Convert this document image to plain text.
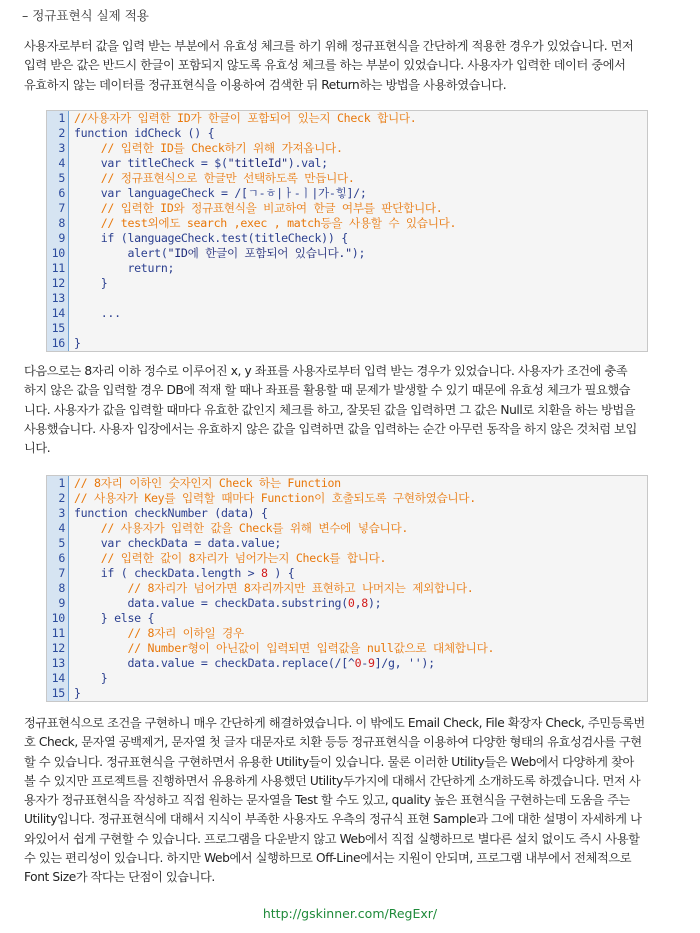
– 정규표현식 실제 적용
사용자로부터 값을 입력 받는 부분에서 유효성 체크를 하기 위해 정규표현식을 간단하게 적용한 경우가 있었습니다. 먼저
입력 받은 값은 반드시 한글이 포함되지 않도록 유효성 체크를 하는 부분이 있었습니다. 사용자가 입력한 데이터 중에서
유효하지 않는 데이터를 정규표현식을 이용하여 검색한 뒤 Return하는 방법을 사용하였습니다.
1 //사용자가 입력한 ID가 한글이 포함되어 있는지 Check 합니다.
2 function idCheck () {
3	// 입력한 ID를 Check하기 위해 가져옵니다.
4 var titleCheck = $("titleId").val;
5	// 정규표현식으로 한글만 선택하도록 만듭니다.
6 var languageCheck = /[ㄱ-ㅎ|ㅏ-ㅣ|가-힣]/;
7	// 입력한 ID와 정규표현식을 비교하여 한글 여부를 판단합니다.
8	// test외에도 search ,exec , match등을 사용할 수 있습니다.
9 if (languageCheck.test(titleCheck)) {
10 alert("ID에 한글이 포함되어 있습니다.");
11 return;
12 }
13
14 ...
15
16 }
다음으로는 8자리 이하 정수로 이루어진 x, y 좌표를 사용자로부터 입력 받는 경우가 있었습니다. 사용자가 조건에 충족
하지 않은 값을 입력할 경우 DB에 적재 할 때나 좌표를 활용할 때 문제가 발생할 수 있기 때문에 유효성 체크가 필요했습
니다. 사용자가 값을 입력할 때마다 유효한 값인지 체크를 하고, 잘못된 값을 입력하면 그 값은 Null로 치환을 하는 방법을
사용했습니다. 사용자 입장에서는 유효하지 않은 값을 입력하면 값을 입력하는 순간 아무런 동작을 하지 않은 것처럼 보입
니다.
1 // 8자리 이하인 숫자인지 Check 하는 Function
2 // 사용자가 Key를 입력할 때마다 Function이 호출되도록 구현하였습니다.
3 function checkNumber (data) {
4	// 사용자가 입력한 값을 Check를 위해 변수에 넣습니다.
5 var checkData = data.value;
6	// 입력한 값이 8자리가 넘어가는지 Check를 합니다.
7 if ( checkData.length > 8 ) {
8	// 8자리가 넘어가면 8자리까지만 표현하고 나머지는 제외합니다.
9 data.value = checkData.substring(0,8);
10 } else {
11	// 8자리 이하일 경우
12	// Number형이 아닌값이 입력되면 입력값을 null값으로 대체합니다.
13 data.value = checkData.replace(/[^0-9]/g, '');
14 }
15 }
정규표현식으로 조건을 구현하니 매우 간단하게 해결하였습니다. 이 밖에도 Email Check, File 확장자 Check, 주민등록번
호 Check, 문자열 공백제거, 문자열 첫 글자 대문자로 치환 등등 정규표현식을 이용하여 다양한 형태의 유효성검사를 구현
할 수 있습니다. 정규표현식을 구현하면서 유용한 Utility들이 있습니다. 물론 이러한 Utility들은 Web에서 다양하게 찾아
볼 수 있지만 프로젝트를 진행하면서 유용하게 사용했던 Utility두가지에 대해서 간단하게 소개하도록 하겠습니다. 먼저 사
용자가 정규표현식을 작성하고 직접 원하는 문자열을 Test 할 수도 있고, quality 높은 표현식을 구현하는데 도움을 주는
Utility입니다. 정규표현식에 대해서 지식이 부족한 사용자도 우측의 정규식 표현 Sample과 그에 대한 설명이 자세하게 나
와있어서 쉽게 구현할 수 있습니다. 프로그램을 다운받지 않고 Web에서 직접 실행하므로 별다른 설치 없이도 즉시 사용할
수 있는 편리성이 있습니다. 하지만 Web에서 실행하므로 Off-Line에서는 지원이 안되며, 프로그램 내부에서 전체적으로
Font Size가 작다는 단점이 있습니다.
http://gskinner.com/RegExr/
